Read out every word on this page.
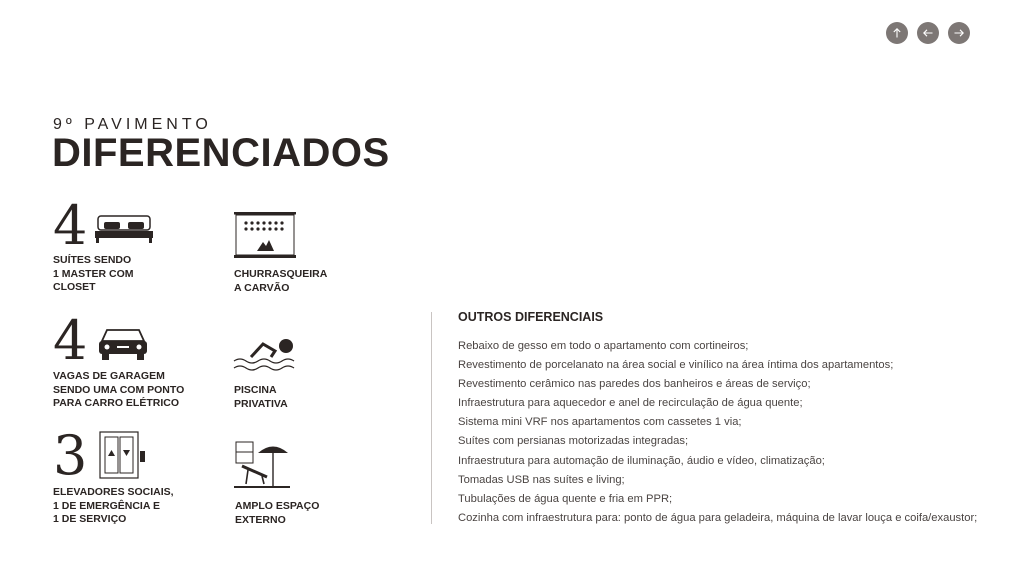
9º PAVIMENTO
DIFERENCIADOS
4

SUÍTES SENDO
1 MASTER COM
CLOSET

CHURRASQUEIRA
A CARVÃO

4

VAGAS DE GARAGEM
SENDO UMA COM PONTO
PARA CARRO ELÉTRICO

PISCINA
PRIVATIVA

3

ELEVADORES SOCIAIS,
1 DE EMERGÊNCIA E
1 DE SERVIÇO

AMPLO ESPAÇO
EXTERNO

OUTROS DIFERENCIAIS
Rebaixo de gesso em todo o apartamento com cortineiros;
Revestimento de porcelanato na área social e vinílico na área íntima dos apartamentos;
Revestimento cerâmico nas paredes dos banheiros e áreas de serviço;
Infraestrutura para aquecedor e anel de recirculação de água quente;
Sistema mini VRF nos apartamentos com cassetes 1 via;
Suítes com persianas motorizadas integradas;
Infraestrutura para automação de iluminação, áudio e vídeo, climatização;
Tomadas USB nas suítes e living;
Tubulações de água quente e fria em PPR;
Cozinha com infraestrutura para: ponto de água para geladeira, máquina de lavar louça e coifa/exaustor;
